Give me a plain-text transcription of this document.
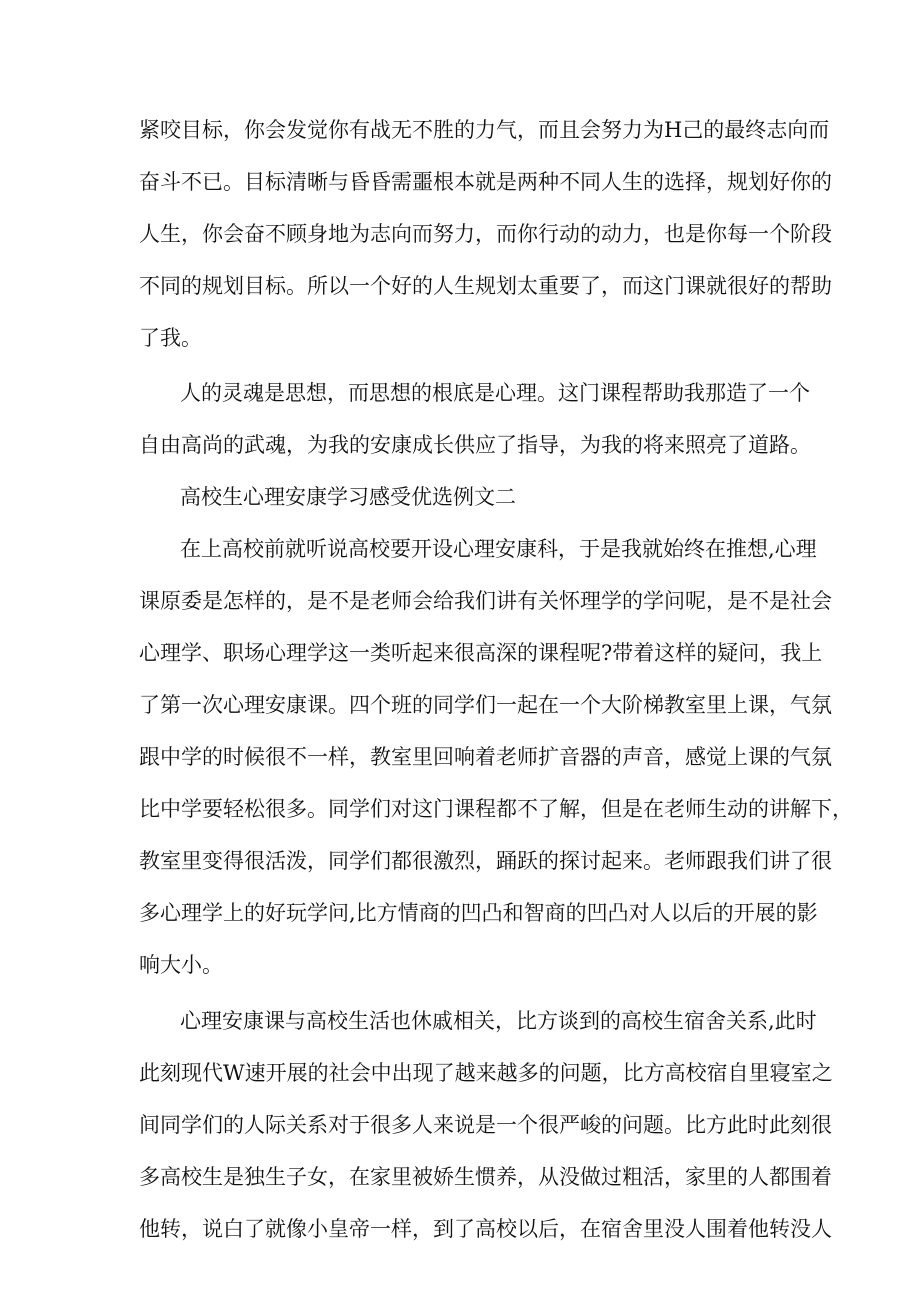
紧咬目标，你会发觉你有战无不胜的力气，而且会努力为H己的最终志向而
奋斗不已。目标清晰与昏昏需噩根本就是两种不同人生的选择，规划好你的
人生，你会奋不顾身地为志向而努力，而你行动的动力，也是你每一个阶段
不同的规划目标。所以一个好的人生规划太重要了，而这门课就很好的帮助
了我。
人的灵魂是思想，而思想的根底是心理。这门课程帮助我那造了一个
自由高尚的武魂，为我的安康成长供应了指导，为我的将来照亮了道路。
高校生心理安康学习感受优选例文二
在上高校前就听说高校要开设心理安康科，于是我就始终在推想,心理
课原委是怎样的，是不是老师会给我们讲有关怀理学的学问呢，是不是社会
心理学、职场心理学这一类听起来很高深的课程呢?带着这样的疑问，我上
了第一次心理安康课。四个班的同学们一起在一个大阶梯教室里上课，气氛
跟中学的时候很不一样，教室里回响着老师扩音器的声音，感觉上课的气氛
比中学要轻松很多。同学们对这门课程都不了解，但是在老师生动的讲解下，
教室里变得很活泼，同学们都很激烈，踊跃的探讨起来。老师跟我们讲了很
多心理学上的好玩学问,比方情商的凹凸和智商的凹凸对人以后的开展的影
响大小。
心理安康课与高校生活也休戚相关，比方谈到的高校生宿舍关系,此时
此刻现代W速开展的社会中出现了越来越多的问题，比方高校宿自里寝室之
间同学们的人际关系对于很多人来说是一个很严峻的问题。比方此时此刻很
多高校生是独生子女，在家里被娇生惯养，从没做过粗活，家里的人都围着
他转，说白了就像小皇帝一样，到了高校以后，在宿舍里没人围着他转没人
